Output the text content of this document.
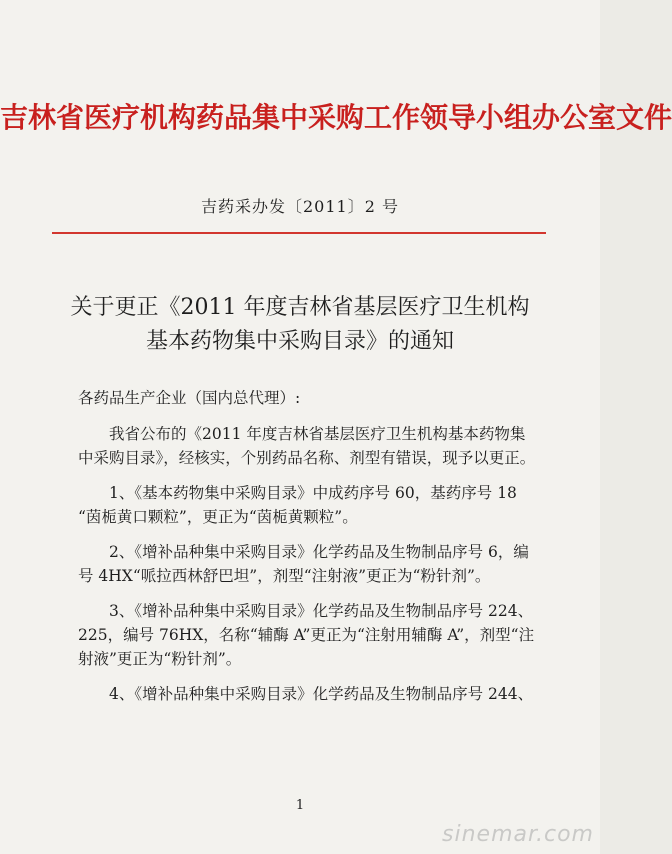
吉林省医疗机构药品集中采购工作领导小组办公室文件
吉药采办发〔2011〕2 号
关于更正《2011 年度吉林省基层医疗卫生机构
基本药物集中采购目录》的通知

各药品生产企业（国内总代理）:

我省公布的《2011 年度吉林省基层医疗卫生机构基本药物集中采购目录》，经核实，个别药品名称、剂型有错误，现予以更正。

1、《基本药物集中采购目录》中成药序号 60，基药序号 18 “茵栀黄口颗粒”，更正为“茵栀黄颗粒”。

2、《增补品种集中采购目录》化学药品及生物制品序号 6，编号 4HX“哌拉西林舒巴坦”，剂型“注射液”更正为“粉针剂”。

3、《增补品种集中采购目录》化学药品及生物制品序号 224、225，编号 76HX，名称“辅酶 A”更正为“注射用辅酶 A”，剂型“注射液”更正为“粉针剂”。

4、《增补品种集中采购目录》化学药品及生物制品序号 244、

1
sinemar.com
